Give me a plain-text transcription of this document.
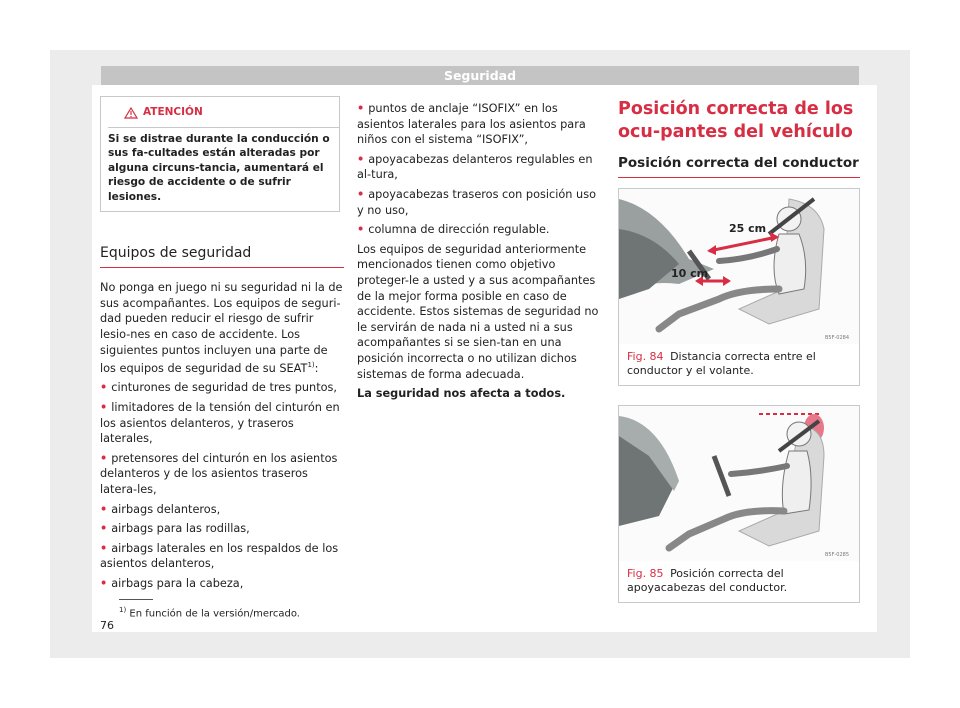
Seguridad
ATENCIÓN
Si se distrae durante la conducción o sus fa-cultades están alteradas por alguna circuns-tancia, aumentará el riesgo de accidente o de sufrir lesiones.
Equipos de seguridad

No ponga en juego ni su seguridad ni la de sus acompañantes. Los equipos de seguri-dad pueden reducir el riesgo de sufrir lesio-nes en caso de accidente. Los siguientes puntos incluyen una parte de los equipos de seguridad de su SEAT$^{1)}$:

• cinturones de seguridad de tres puntos,
• limitadores de la tensión del cinturón en los asientos delanteros, y traseros laterales,
• pretensores del cinturón en los asientos delanteros y de los asientos traseros latera-les,
• airbags delanteros,
• airbags para las rodillas,
• airbags laterales en los respaldos de los asientos delanteros,
• airbags para la cabeza,
• puntos de anclaje “ISOFIX” en los asientos laterales para los asientos para niños con el sistema “ISOFIX”,
• apoyacabezas delanteros regulables en al-tura,
• apoyacabezas traseros con posición uso y no uso,
• columna de dirección regulable.

Los equipos de seguridad anteriormente mencionados tienen como objetivo proteger-le a usted y a sus acompañantes de la mejor forma posible en caso de accidente. Estos sistemas de seguridad no le servirán de nada ni a usted ni a sus acompañantes si se sien-tan en una posición incorrecta o no utilizan dichos sistemas de forma adecuada.

La seguridad nos afecta a todos.

Posición correcta de los ocu-pantes del vehículo
Posición correcta del conductor
25 cm
10 cm
B5F-0284
Fig. 84 Distancia correcta entre el conductor y el volante.
B5F-0285
Fig. 85 Posición correcta del apoyacabezas del conductor.
$^{1)}$ En función de la versión/mercado.
76
